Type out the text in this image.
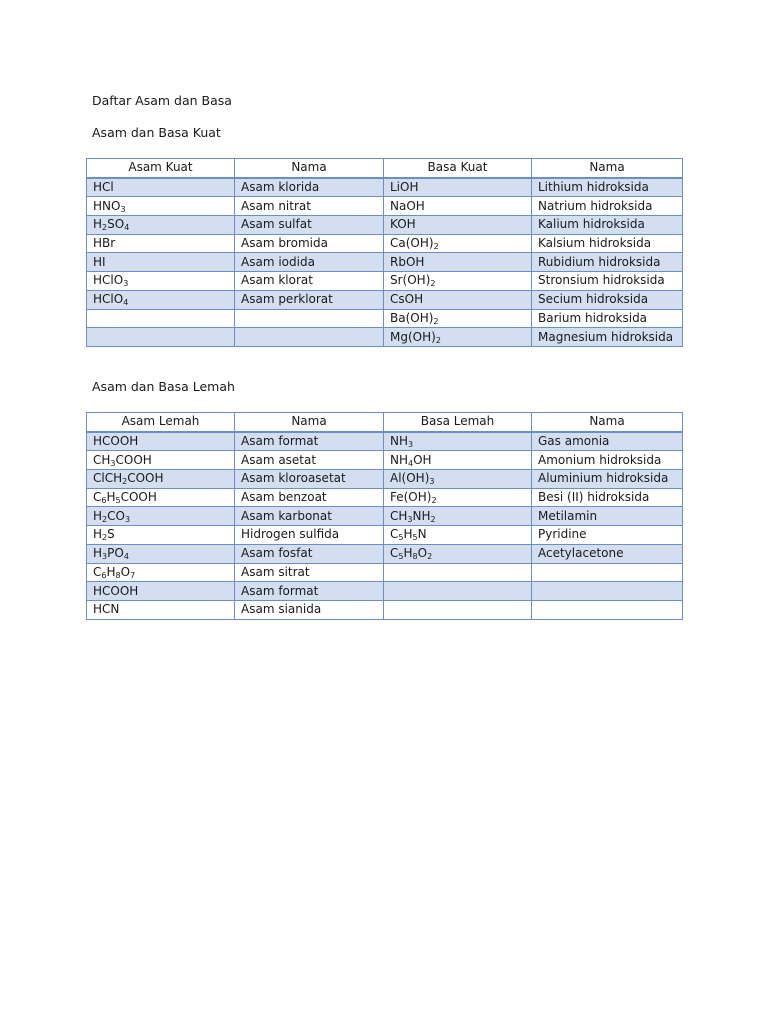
Daftar Asam dan Basa
Asam dan Basa Kuat
Asam Kuat	Nama	Basa Kuat	Nama
HCl	Asam klorida	LiOH	Lithium hidroksida
$HNO_3$	Asam nitrat	NaOH	Natrium hidroksida
$H_2SO_4$	Asam sulfat	KOH	Kalium hidroksida
HBr	Asam bromida	$Ca(OH)_2$	Kalsium hidroksida
HI	Asam iodida	RbOH	Rubidium hidroksida
HClO$_3$	Asam klorat	$Sr(OH)_2$	Stronsium hidroksida
HClO$_4$	Asam perklorat	CsOH	Secium hidroksida
		$Ba(OH)_2$	Barium hidroksida
		$Mg(OH)_2$	Magnesium hidroksida
Asam dan Basa Lemah
Asam Lemah	Nama	Basa Lemah	Nama
HCOOH	Asam format	$NH_3$	Gas amonia
$CH_3COOH$	Asam asetat	$NH_4OH$	Amonium hidroksida
ClCH$_2$COOH	Asam kloroasetat	$Al(OH)_3$	Aluminium hidroksida
$C_6H_5COOH$	Asam benzoat	$Fe(OH)_2$	Besi (II) hidroksida
$H_2CO_3$	Asam karbonat	$CH_3NH_2$	Metilamin
$H_2S$	Hidrogen sulfida	$C_5H_5N$	Pyridine
$H_3PO_4$	Asam fosfat	$C_5H_8O_2$	Acetylacetone
$C_6H_8O_7$	Asam sitrat		
HCOOH	Asam format		
HCN	Asam sianida		
